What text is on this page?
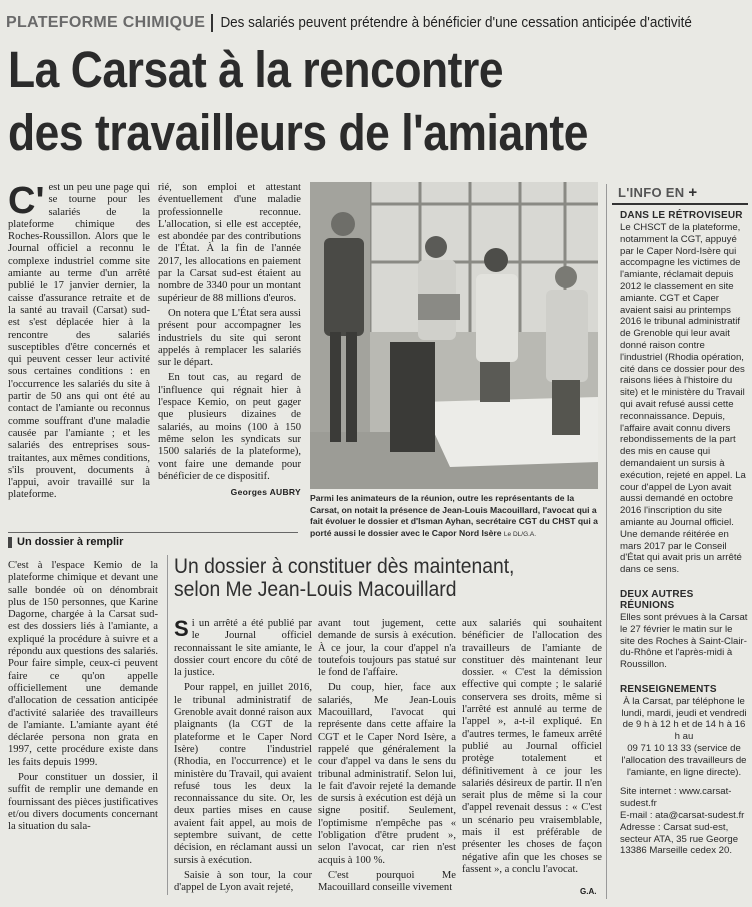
PLATEFORME CHIMIQUE	Des salariés peuvent prétendre à bénéficier d'une cessation anticipée d'activité
La Carsat à la rencontre
des travailleurs de l'amiante
C' est un peu une page qui se tourne pour les salariés de la plateforme chimique des Roches-Roussillon. Alors que le Journal officiel a reconnu le complexe industriel comme site amiante au terme d'un arrêté publié le 17 janvier dernier, la caisse d'assurance retraite et de la santé au travail (Carsat) sud-est s'est déplacée hier à la rencontre des salariés susceptibles d'être concernés et qui peuvent cesser leur activité sous certaines conditions : en l'occurrence les salariés du site à partir de 50 ans qui ont été au contact de l'amiante ou reconnus comme souffrant d'une maladie causée par l'amiante ; et les salariés des entreprises sous-traitantes, aux mêmes conditions, s'ils prouvent, documents à l'appui, avoir travaillé sur la plateforme.

rié, son emploi et attestant éventuellement d'une maladie professionnelle reconnue. L'allocation, si elle est acceptée, est abondée par des contributions de l'État. À la fin de l'année 2017, les allocations en paiement par la Carsat sud-est étaient au nombre de 3340 pour un montant supérieur de 88 millions d'euros.

On notera que L'État sera aussi présent pour accompagner les industriels du site qui seront appelés à remplacer les salariés sur le départ.

En tout cas, au regard de l'influence qui régnait hier à l'espace Kemio, on peut gager que plusieurs dizaines de salariés, au moins (100 à 150 même selon les syndicats sur 1500 salariés de la plateforme), vont faire une demande pour bénéficier de ce dispositif.

Georges AUBRY
Parmi les animateurs de la réunion, outre les représentants de la Carsat, on notait la présence de Jean-Louis Macouillard, l'avocat qui a fait évoluer le dossier et d'Isman Ayhan, secrétaire CGT du CHST qui a porté aussi le dossier avec le Capor Nord Isère Le DL/G.A.
Un dossier à remplir

C'est à l'espace Kemio de la plateforme chimique et devant une salle bondée où on dénombrait plus de 150 personnes, que Karine Dagorne, chargée à la Carsat sud-est des dossiers liés à l'amiante, a expliqué la procédure à suivre et a répondu aux questions des salariés. Pour faire simple, ceux-ci peuvent faire ce qu'on appelle officiellement une demande d'allocation de cessation anticipée d'activité salariée des travailleurs de l'amiante. L'amiante ayant été déclarée persona non grata en 1997, cette procédure existe dans les faits depuis 1999.

Pour constituer un dossier, il suffit de remplir une demande en fournissant des pièces justificatives et/ou divers documents concernant la situation du sala-

Un dossier à constituer dès maintenant,
selon Me Jean-Louis Macouillard
S i un arrêté a été publié par le Journal officiel reconnaissant le site amiante, le dossier court encore du côté de la justice.

Pour rappel, en juillet 2016, le tribunal administratif de Grenoble avait donné raison aux plaignants (la CGT de la plateforme et le Caper Nord Isère) contre l'industriel (Rhodia, en l'occurrence) et le ministère du Travail, qui avaient refusé tous les deux la reconnaissance du site. Or, les deux parties mises en cause avaient fait appel, au mois de septembre suivant, de cette décision, en réclamant aussi un sursis à exécution.

Saisie à son tour, la cour d'appel de Lyon avait rejeté,

avant tout jugement, cette demande de sursis à exécution. À ce jour, la cour d'appel n'a toutefois toujours pas statué sur le fond de l'affaire.

Du coup, hier, face aux salariés, Me Jean-Louis Macouillard, l'avocat qui représente dans cette affaire la CGT et le Caper Nord Isère, a rappelé que généralement la cour d'appel va dans le sens du tribunal administratif. Selon lui, le fait d'avoir rejeté la demande de sursis à exécution est déjà un signe positif. Seulement, l'optimisme n'empêche pas « l'obligation d'être prudent », selon l'avocat, car rien n'est acquis à 100 %.

C'est pourquoi Me Macouillard conseille vivement

aux salariés qui souhaitent bénéficier de l'allocation des travailleurs de l'amiante de constituer dès maintenant leur dossier. « C'est la démission effective qui compte ; le salarié conservera ses droits, même si l'arrêté est annulé au terme de l'appel », a-t-il expliqué. En d'autres termes, le fameux arrêté publié au Journal officiel protège totalement et définitivement à ce jour les salariés désireux de partir. Il n'en serait plus de même si la cour d'appel revenait dessus : « C'est un scénario peu vraisemblable, mais il est préférable de présenter les choses de façon négative afin que les choses se fassent », a conclu l'avocat.

G.A.
L'INFO EN +
DANS LE RÉTROVISEUR

Le CHSCT de la plateforme, notamment la CGT, appuyé par le Caper Nord-Isère qui accompagne les victimes de l'amiante, réclamait depuis 2012 le classement en site amiante. CGT et Caper avaient saisi au printemps 2016 le tribunal administratif de Grenoble qui leur avait donné raison contre l'industriel (Rhodia opération, cité dans ce dossier pour des raisons liées à l'histoire du site) et le ministère du Travail qui avait refusé aussi cette reconnaissance. Depuis, l'affaire avait connu divers rebondissements de la part des mis en cause qui demandaient un sursis à exécution, rejeté en appel. La cour d'appel de Lyon avait aussi demandé en octobre 2016 l'inscription du site amiante au Journal officiel. Une demande réitérée en mars 2017 par le Conseil d'État qui avait pris un arrêté dans ce sens.

DEUX AUTRES RÉUNIONS

Elles sont prévues à la Carsat le 27 février le matin sur le site des Roches à Saint-Clair-du-Rhône et l'après-midi à Roussillon.

RENSEIGNEMENTS

À la Carsat, par téléphone le lundi, mardi, jeudi et vendredi de 9 h à 12 h et de 14 h à 16 h au

09 71 10 13 33 (service de l'allocation des travailleurs de l'amiante, en ligne directe).

Site internet : www.carsat-sudest.fr

E-mail : ata@carsat-sudest.fr

Adresse : Carsat sud-est, secteur ATA, 35 rue George 13386 Marseille cedex 20.
